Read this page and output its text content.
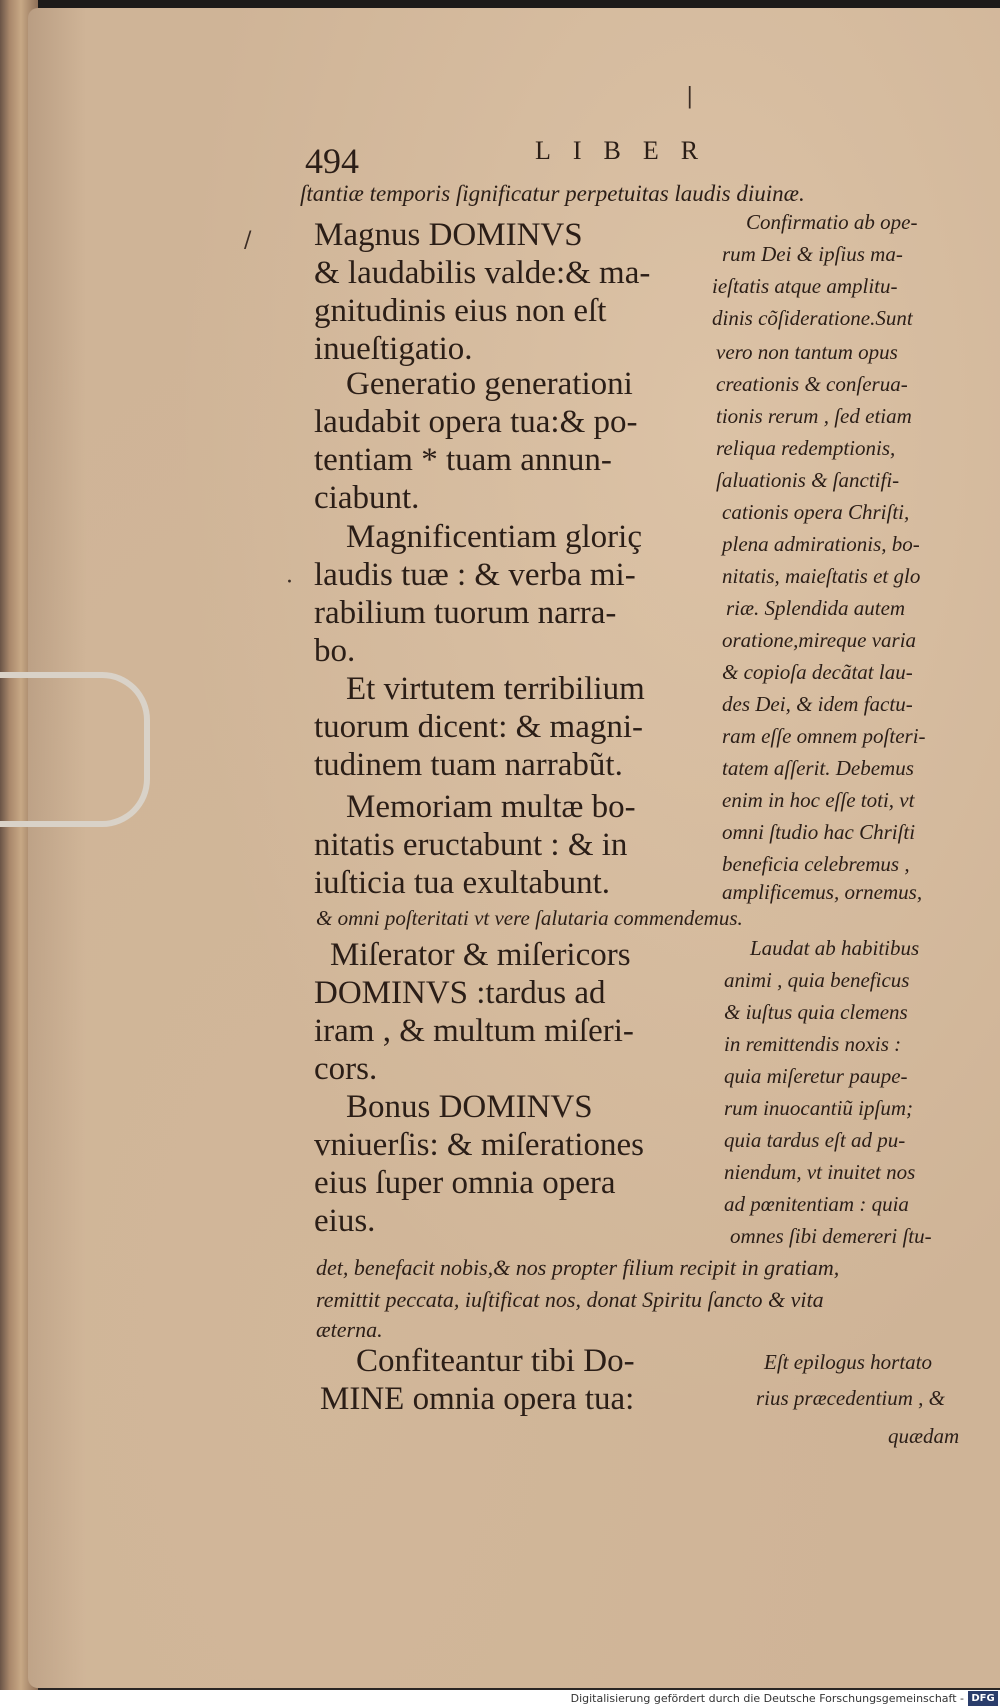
494	LIBER
ſtantiæ temporis ſignificatur perpetuitas laudis diuinæ.
Magnus DOMINVS
& laudabilis valde:& ma-
gnitudinis eius non eſt
inueſtigatio.
Generatio generationi
laudabit opera tua:& po-
tentiam * tuam annun-
ciabunt.
Magnificentiam gloriç
laudis tuæ : & verba mi-
rabilium tuorum narra-
bo.
Et virtutem terribilium
tuorum dicent: & magni-
tudinem tuam narrabũt.
Memoriam multæ bo-
nitatis eructabunt : & in
iuſticia tua exultabunt.
Miſerator & miſericors
DOMINVS :tardus ad
iram , & multum miſeri-
cors.
Bonus DOMINVS
vniuerſis: & miſerationes
eius ſuper omnia opera
eius.
Confiteantur tibi Do-
MINE omnia opera tua:
Confirmatio ab ope-
rum Dei & ipſius ma-
ieſtatis atque amplitu-
dinis cõſideratione.Sunt
vero non tantum opus
creationis & conſerua-
tionis rerum , ſed etiam
reliqua redemptionis,
ſaluationis & ſanctifi-
cationis opera Chriſti,
plena admirationis, bo-
nitatis, maieſtatis et glo
riæ. Splendida autem
oratione,mireque varia
& copioſa decãtat lau-
des Dei, & idem factu-
ram eſſe omnem poſteri-
tatem aſſerit. Debemus
enim in hoc eſſe toti, vt
omni ſtudio hac Chriſti
beneficia celebremus ,
amplificemus, ornemus,
& omni poſteritati vt vere ſalutaria commendemus.
Laudat ab habitibus
animi , quia beneficus
& iuſtus quia clemens
in remittendis noxis :
quia miſeretur paupe-
rum inuocantiũ ipſum;
quia tardus eſt ad pu-
niendum, vt inuitet nos
ad pœnitentiam : quia
omnes ſibi demereri ſtu-
det, benefacit nobis,& nos propter filium recipit in gratiam,
remittit peccata, iuſtificat nos, donat Spiritu ſancto & vita
æterna.
Eſt epilogus hortato
rius præcedentium , &
quædam
/
·
|
Digitalisierung gefördert durch die Deutsche Forschungsgemeinschaft - DFG
